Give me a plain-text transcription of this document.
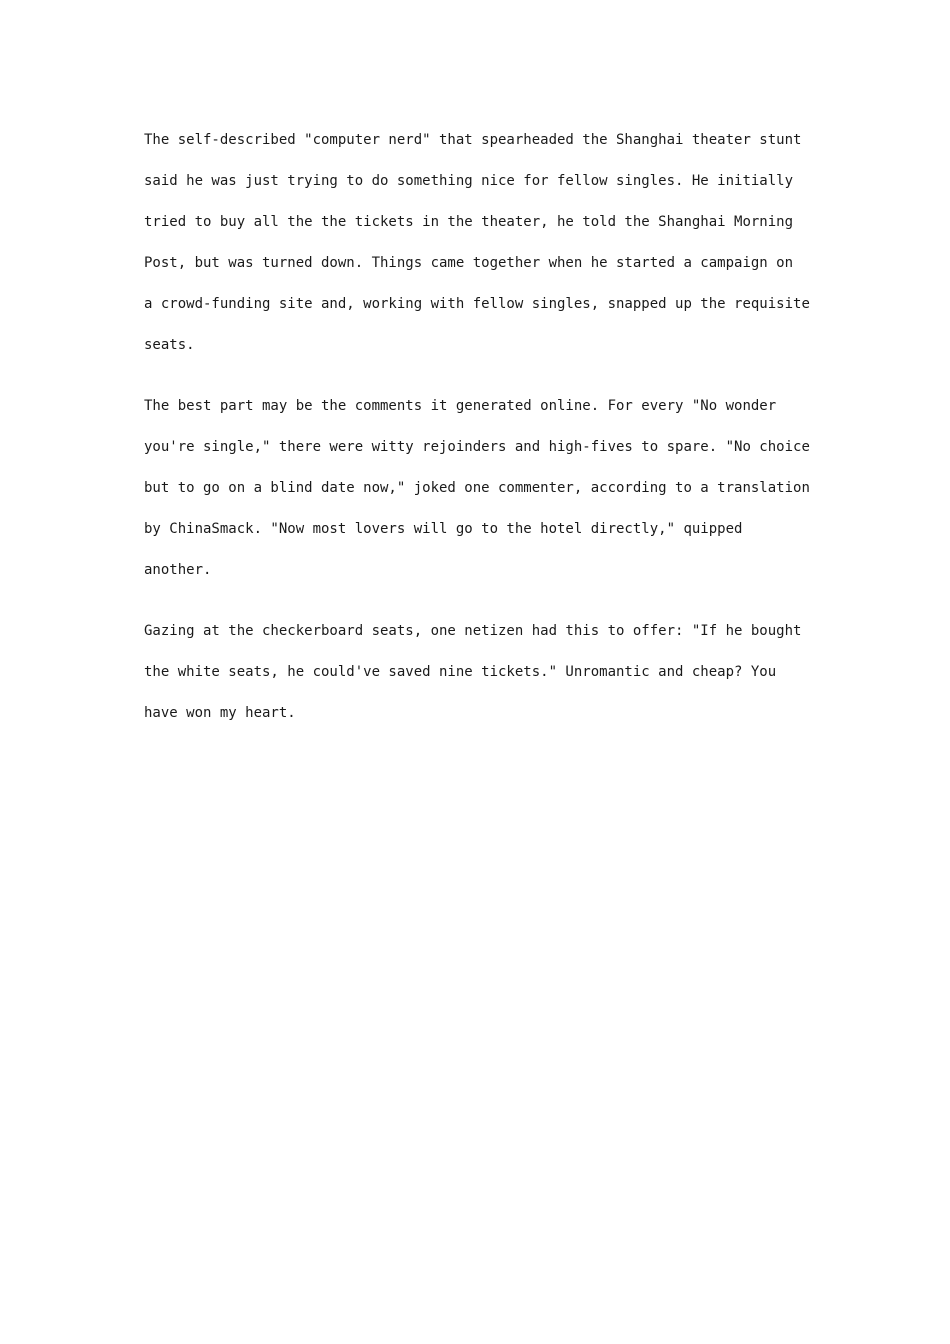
The self-described "computer nerd" that spearheaded the Shanghai theater stunt
said he was just trying to do something nice for fellow singles. He initially
tried to buy all the the tickets in the theater, he told the Shanghai Morning
Post, but was turned down. Things came together when he started a campaign on
a crowd-funding site and, working with fellow singles, snapped up the requisite
seats.

The best part may be the comments it generated online. For every "No wonder
you're single," there were witty rejoinders and high-fives to spare. "No choice
but to go on a blind date now," joked one commenter, according to a translation
by ChinaSmack. "Now most lovers will go to the hotel directly," quipped
another.

Gazing at the checkerboard seats, one netizen had this to offer: "If he bought
the white seats, he could've saved nine tickets." Unromantic and cheap? You
have won my heart.
